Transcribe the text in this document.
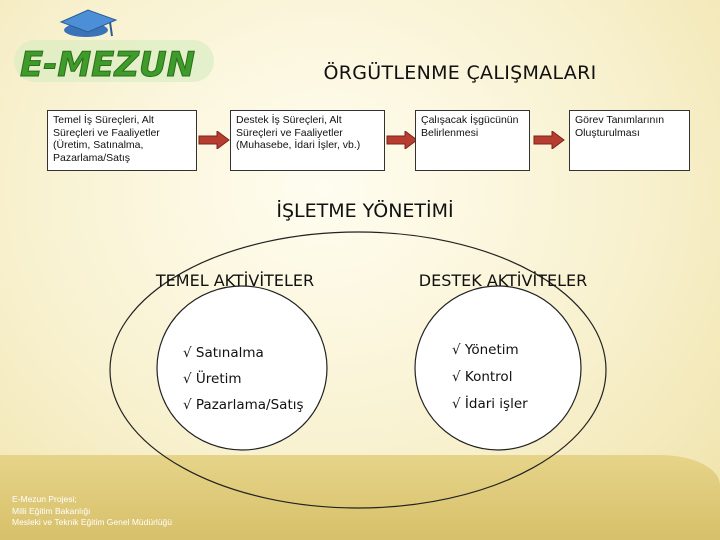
E-MEZUN	ÖRGÜTLENME ÇALIŞMALARI
Temel İş Süreçleri, Alt Süreçleri ve Faaliyetler (Üretim, Satınalma, Pazarlama/Satış
Destek İş Süreçleri, Alt Süreçleri ve Faaliyetler (Muhasebe, İdari İşler, vb.)
Çalışacak İşgücünün Belirlenmesi
Görev Tanımlarının Oluşturulması
İŞLETME YÖNETİMİ
TEMEL AKTİVİTELER	DESTEK AKTİVİTELER
√ Satınalma
√ Üretim
√ Pazarlama/Satış
√ Yönetim
√ Kontrol
√ İdari işler
E-Mezun Projesi;
Milli Eğitim Bakanlığı
Mesleki ve Teknik Eğitim Genel Müdürlüğü
